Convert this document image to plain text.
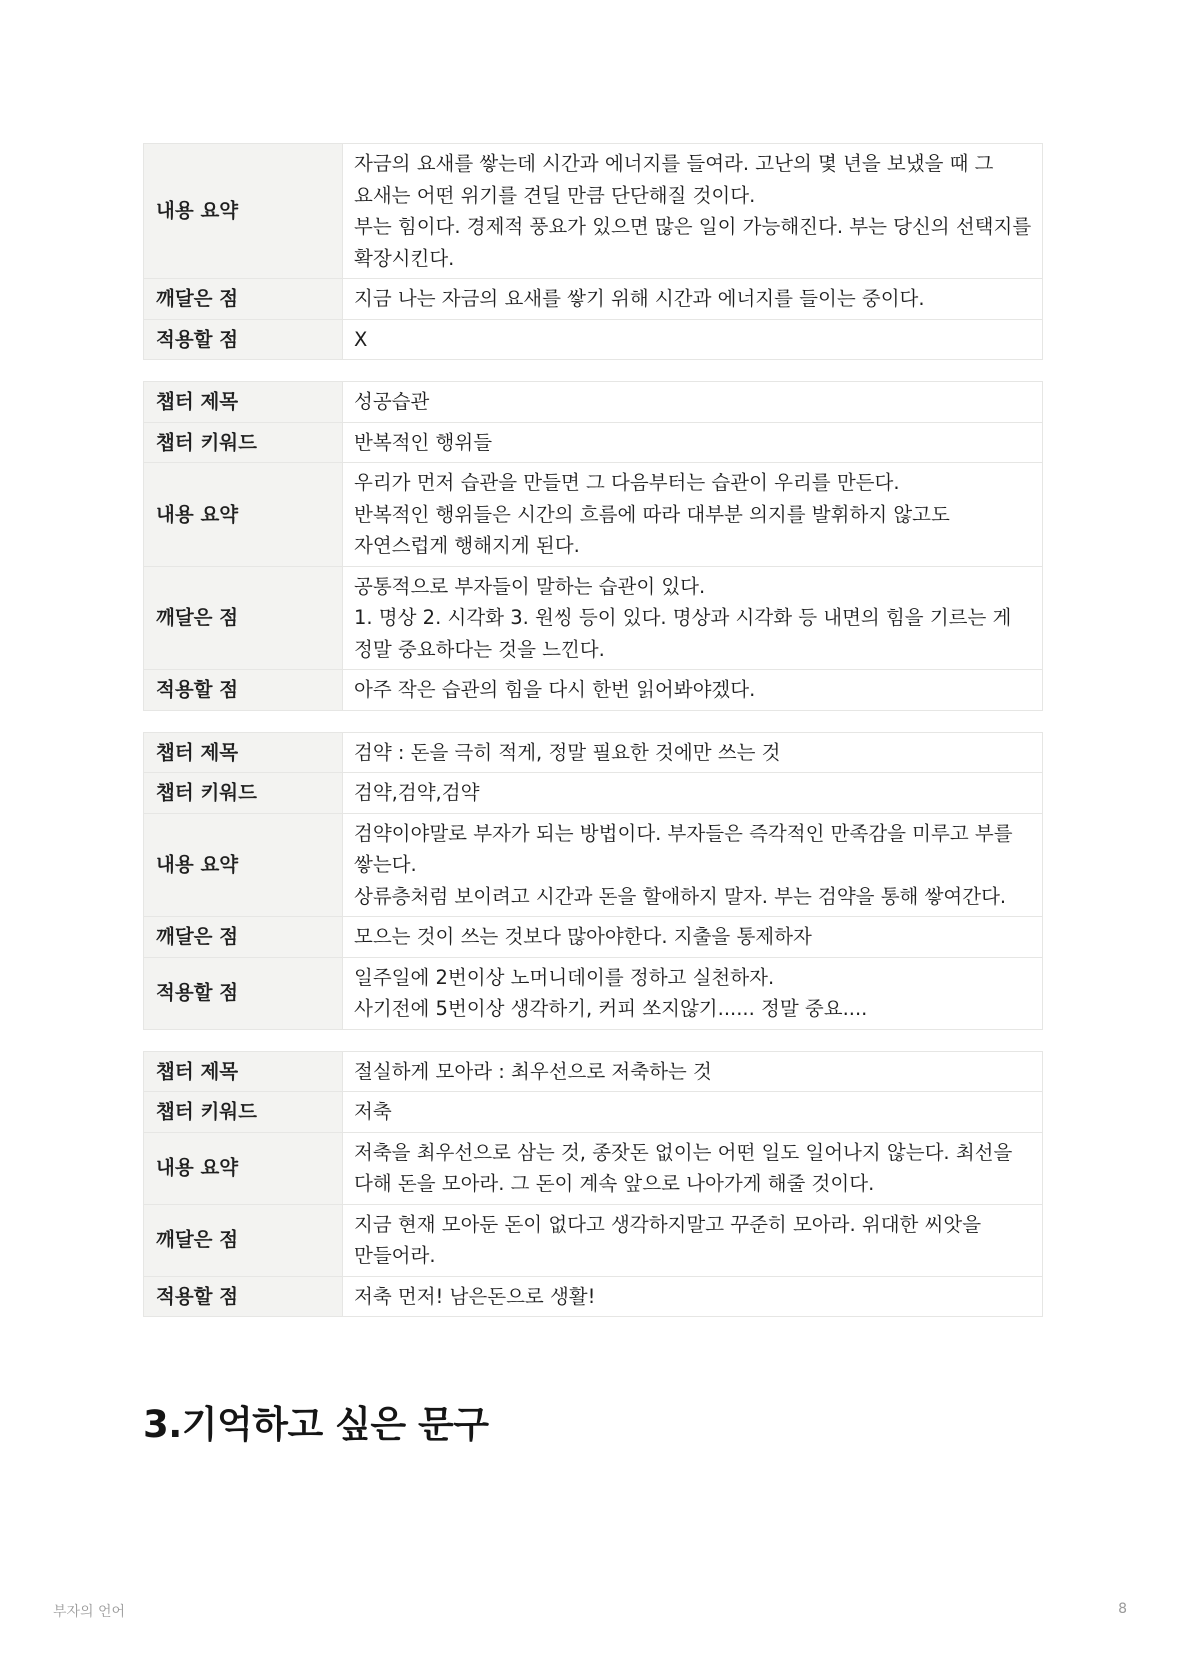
내용 요약	자금의 요새를 쌓는데 시간과 에너지를 들여라. 고난의 몇 년을 보냈을 때 그 요새는 어떤 위기를 견딜 만큼 단단해질 것이다.
부는 힘이다. 경제적 풍요가 있으면 많은 일이 가능해진다. 부는 당신의 선택지를 확장시킨다.
깨달은 점	지금 나는 자금의 요새를 쌓기 위해 시간과 에너지를 들이는 중이다.
적용할 점	X
챕터 제목	성공습관
챕터 키워드	반복적인 행위들
내용 요약	우리가 먼저 습관을 만들면 그 다음부터는 습관이 우리를 만든다.
반복적인 행위들은 시간의 흐름에 따라 대부분 의지를 발휘하지 않고도 자연스럽게 행해지게 된다.
깨달은 점	공통적으로 부자들이 말하는 습관이 있다.
1. 명상 2. 시각화 3. 원씽 등이 있다. 명상과 시각화 등 내면의 힘을 기르는 게 정말 중요하다는 것을 느낀다.
적용할 점	아주 작은 습관의 힘을 다시 한번 읽어봐야겠다.
챕터 제목	검약 : 돈을 극히 적게, 정말 필요한 것에만 쓰는 것
챕터 키워드	검약,검약,검약
내용 요약	검약이야말로 부자가 되는 방법이다. 부자들은 즉각적인 만족감을 미루고 부를 쌓는다.
상류층처럼 보이려고 시간과 돈을 할애하지 말자. 부는 검약을 통해 쌓여간다.
깨달은 점	모으는 것이 쓰는 것보다 많아야한다. 지출을 통제하자
적용할 점	일주일에 2번이상 노머니데이를 정하고 실천하자.
사기전에 5번이상 생각하기, 커피 쏘지않기...... 정말 중요....
챕터 제목	절실하게 모아라 : 최우선으로 저축하는 것
챕터 키워드	저축
내용 요약	저축을 최우선으로 삼는 것, 종잣돈 없이는 어떤 일도 일어나지 않는다. 최선을 다해 돈을 모아라. 그 돈이 계속 앞으로 나아가게 해줄 것이다.
깨달은 점	지금 현재 모아둔 돈이 없다고 생각하지말고 꾸준히 모아라. 위대한 씨앗을 만들어라.
적용할 점	저축 먼저! 남은돈으로 생활!
3.기억하고 싶은 문구
부자의 언어	8
